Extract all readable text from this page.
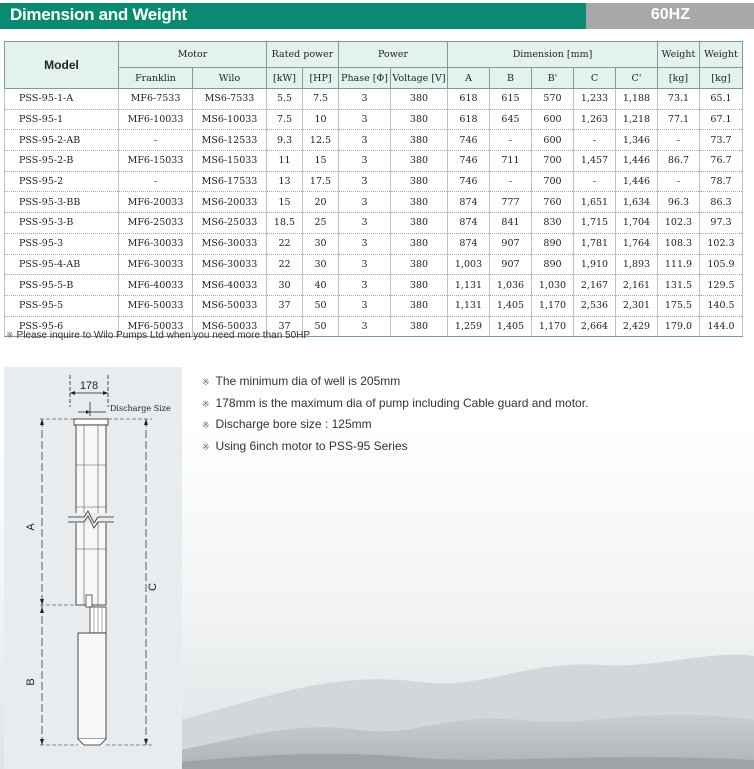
Dimension and Weight	60HZ
Model	Motor		Rated power		Power		Dimension [mm]					Weight	Weight
	Franklin	Wilo	[kW]	[HP]	Phase [Φ]	Voltage [V]	A	B	B'	C	C'	[kg]	[kg]
PSS-95-1-A	MF6-7533	MS6-7533	5.5	7.5	3	380	618	615	570	1,233	1,188	73.1	65.1
PSS-95-1	MF6-10033	MS6-10033	7.5	10	3	380	618	645	600	1,263	1,218	77.1	67.1
PSS-95-2-AB	-	MS6-12533	9.3	12.5	3	380	746	-	600	-	1,346	-	73.7
PSS-95-2-B	MF6-15033	MS6-15033	11	15	3	380	746	711	700	1,457	1,446	86.7	76.7
PSS-95-2	-	MS6-17533	13	17.5	3	380	746	-	700	-	1,446	-	78.7
PSS-95-3-BB	MF6-20033	MS6-20033	15	20	3	380	874	777	760	1,651	1,634	96.3	86.3
PSS-95-3-B	MF6-25033	MS6-25033	18.5	25	3	380	874	841	830	1,715	1,704	102.3	97.3
PSS-95-3	MF6-30033	MS6-30033	22	30	3	380	874	907	890	1,781	1,764	108.3	102.3
PSS-95-4-AB	MF6-30033	MS6-30033	22	30	3	380	1,003	907	890	1,910	1,893	111.9	105.9
PSS-95-5-B	MF6-40033	MS6-40033	30	40	3	380	1,131	1,036	1,030	2,167	2,161	131.5	129.5
PSS-95-5	MF6-50033	MS6-50033	37	50	3	380	1,131	1,405	1,170	2,536	2,301	175.5	140.5
PSS-95-6	MF6-50033	MS6-50033	37	50	3	380	1,259	1,405	1,170	2,664	2,429	179.0	144.0
※ Please inquire to Wilo Pumps Ltd when you need more than 50HP
178
Discharge Size
A
B
C
※ The minimum dia of well is 205mm
※ 178mm is the maximum dia of pump including Cable guard and motor.
※ Discharge bore size : 125mm
※ Using 6inch motor to PSS-95 Series
